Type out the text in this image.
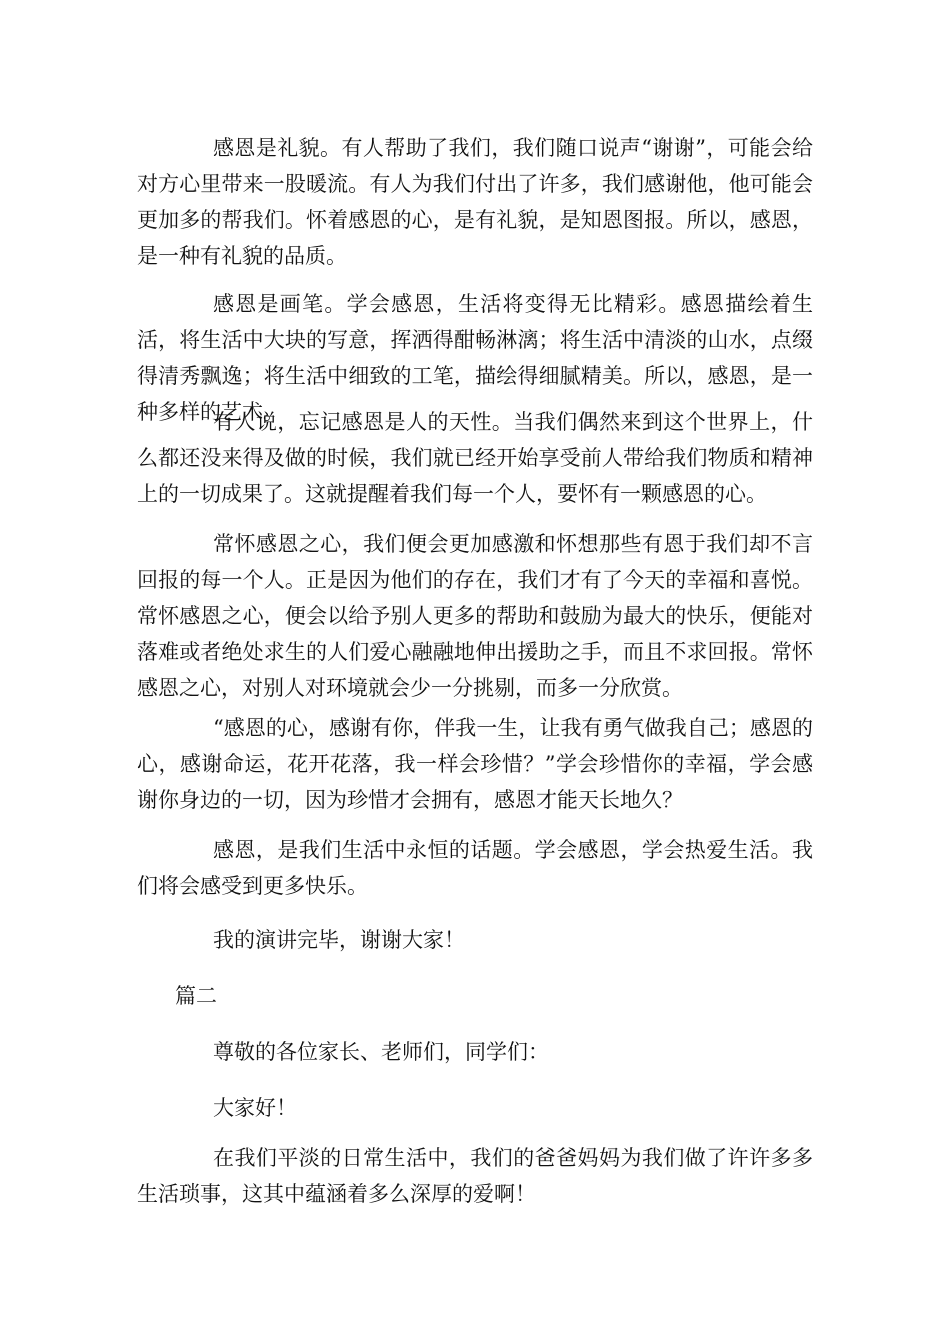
感恩是礼貌。有人帮助了我们，我们随口说声“谢谢”，可能会给对方心里带来一股暖流。有人为我们付出了许多，我们感谢他，他可能会更加多的帮我们。怀着感恩的心，是有礼貌，是知恩图报。所以，感恩，是一种有礼貌的品质。

感恩是画笔。学会感恩，生活将变得无比精彩。感恩描绘着生活，将生活中大块的写意，挥洒得酣畅淋漓；将生活中清淡的山水，点缀得清秀飘逸；将生活中细致的工笔，描绘得细腻精美。所以，感恩，是一种多样的艺术。

有人说，忘记感恩是人的天性。当我们偶然来到这个世界上，什么都还没来得及做的时候，我们就已经开始享受前人带给我们物质和精神上的一切成果了。这就提醒着我们每一个人，要怀有一颗感恩的心。

常怀感恩之心，我们便会更加感激和怀想那些有恩于我们却不言回报的每一个人。正是因为他们的存在，我们才有了今天的幸福和喜悦。常怀感恩之心，便会以给予别人更多的帮助和鼓励为最大的快乐，便能对落难或者绝处求生的人们爱心融融地伸出援助之手，而且不求回报。常怀感恩之心，对别人对环境就会少一分挑剔，而多一分欣赏。

“感恩的心，感谢有你，伴我一生，让我有勇气做我自己；感恩的心，感谢命运，花开花落，我一样会珍惜？”学会珍惜你的幸福，学会感谢你身边的一切，因为珍惜才会拥有，感恩才能天长地久？

感恩，是我们生活中永恒的话题。学会感恩，学会热爱生活。我们将会感受到更多快乐。

我的演讲完毕，谢谢大家！

篇二

尊敬的各位家长、老师们，同学们：

大家好！

在我们平淡的日常生活中，我们的爸爸妈妈为我们做了许许多多生活琐事，这其中蕴涵着多么深厚的爱啊！
